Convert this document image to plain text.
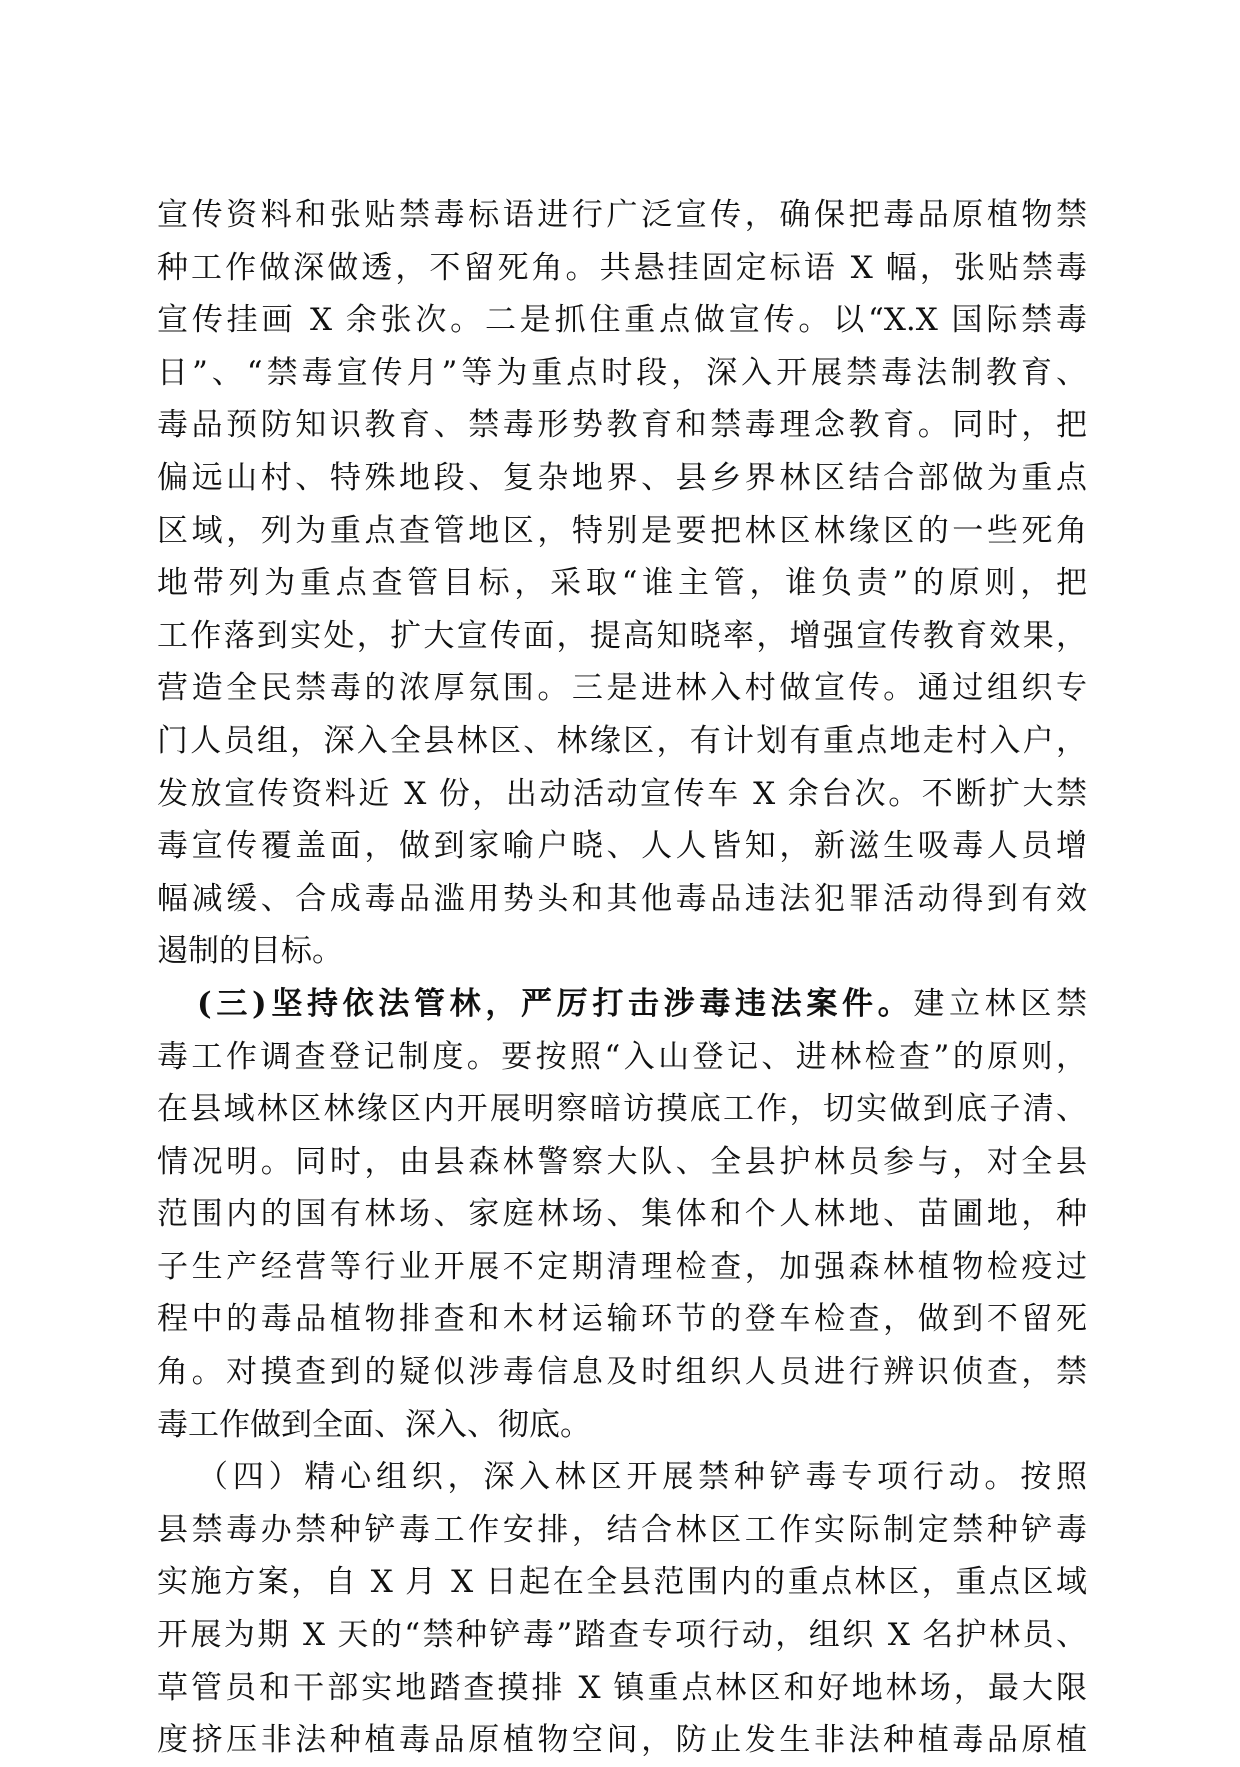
宣传资料和张贴禁毒标语进行广泛宣传，确保把毒品原植物禁
种工作做深做透，不留死角。共悬挂固定标语 X 幅，张贴禁毒
宣传挂画 X 余张次。二是抓住重点做宣传。以“X.X 国际禁毒
日”、“禁毒宣传月”等为重点时段，深入开展禁毒法制教育、
毒品预防知识教育、禁毒形势教育和禁毒理念教育。同时，把
偏远山村、特殊地段、复杂地界、县乡界林区结合部做为重点
区域，列为重点查管地区，特别是要把林区林缘区的一些死角
地带列为重点查管目标，采取“谁主管，谁负责”的原则，把
工作落到实处，扩大宣传面，提高知晓率，增强宣传教育效果，
营造全民禁毒的浓厚氛围。三是进林入村做宣传。通过组织专
门人员组，深入全县林区、林缘区，有计划有重点地走村入户，
发放宣传资料近 X 份，出动活动宣传车 X 余台次。不断扩大禁
毒宣传覆盖面，做到家喻户晓、人人皆知，新滋生吸毒人员增
幅减缓、合成毒品滥用势头和其他毒品违法犯罪活动得到有效
遏制的目标。
(三)坚持依法管林，严厉打击涉毒违法案件。建立林区禁
毒工作调查登记制度。要按照“入山登记、进林检查”的原则，
在县域林区林缘区内开展明察暗访摸底工作，切实做到底子清、
情况明。同时，由县森林警察大队、全县护林员参与，对全县
范围内的国有林场、家庭林场、集体和个人林地、苗圃地，种
子生产经营等行业开展不定期清理检查，加强森林植物检疫过
程中的毒品植物排查和木材运输环节的登车检查，做到不留死
角。对摸查到的疑似涉毒信息及时组织人员进行辨识侦查，禁
毒工作做到全面、深入、彻底。
（四）精心组织，深入林区开展禁种铲毒专项行动。按照
县禁毒办禁种铲毒工作安排，结合林区工作实际制定禁种铲毒
实施方案，自 X 月 X 日起在全县范围内的重点林区，重点区域
开展为期 X 天的“禁种铲毒”踏查专项行动，组织 X 名护林员、
草管员和干部实地踏查摸排 X 镇重点林区和好地林场，最大限
度挤压非法种植毒品原植物空间，防止发生非法种植毒品原植
